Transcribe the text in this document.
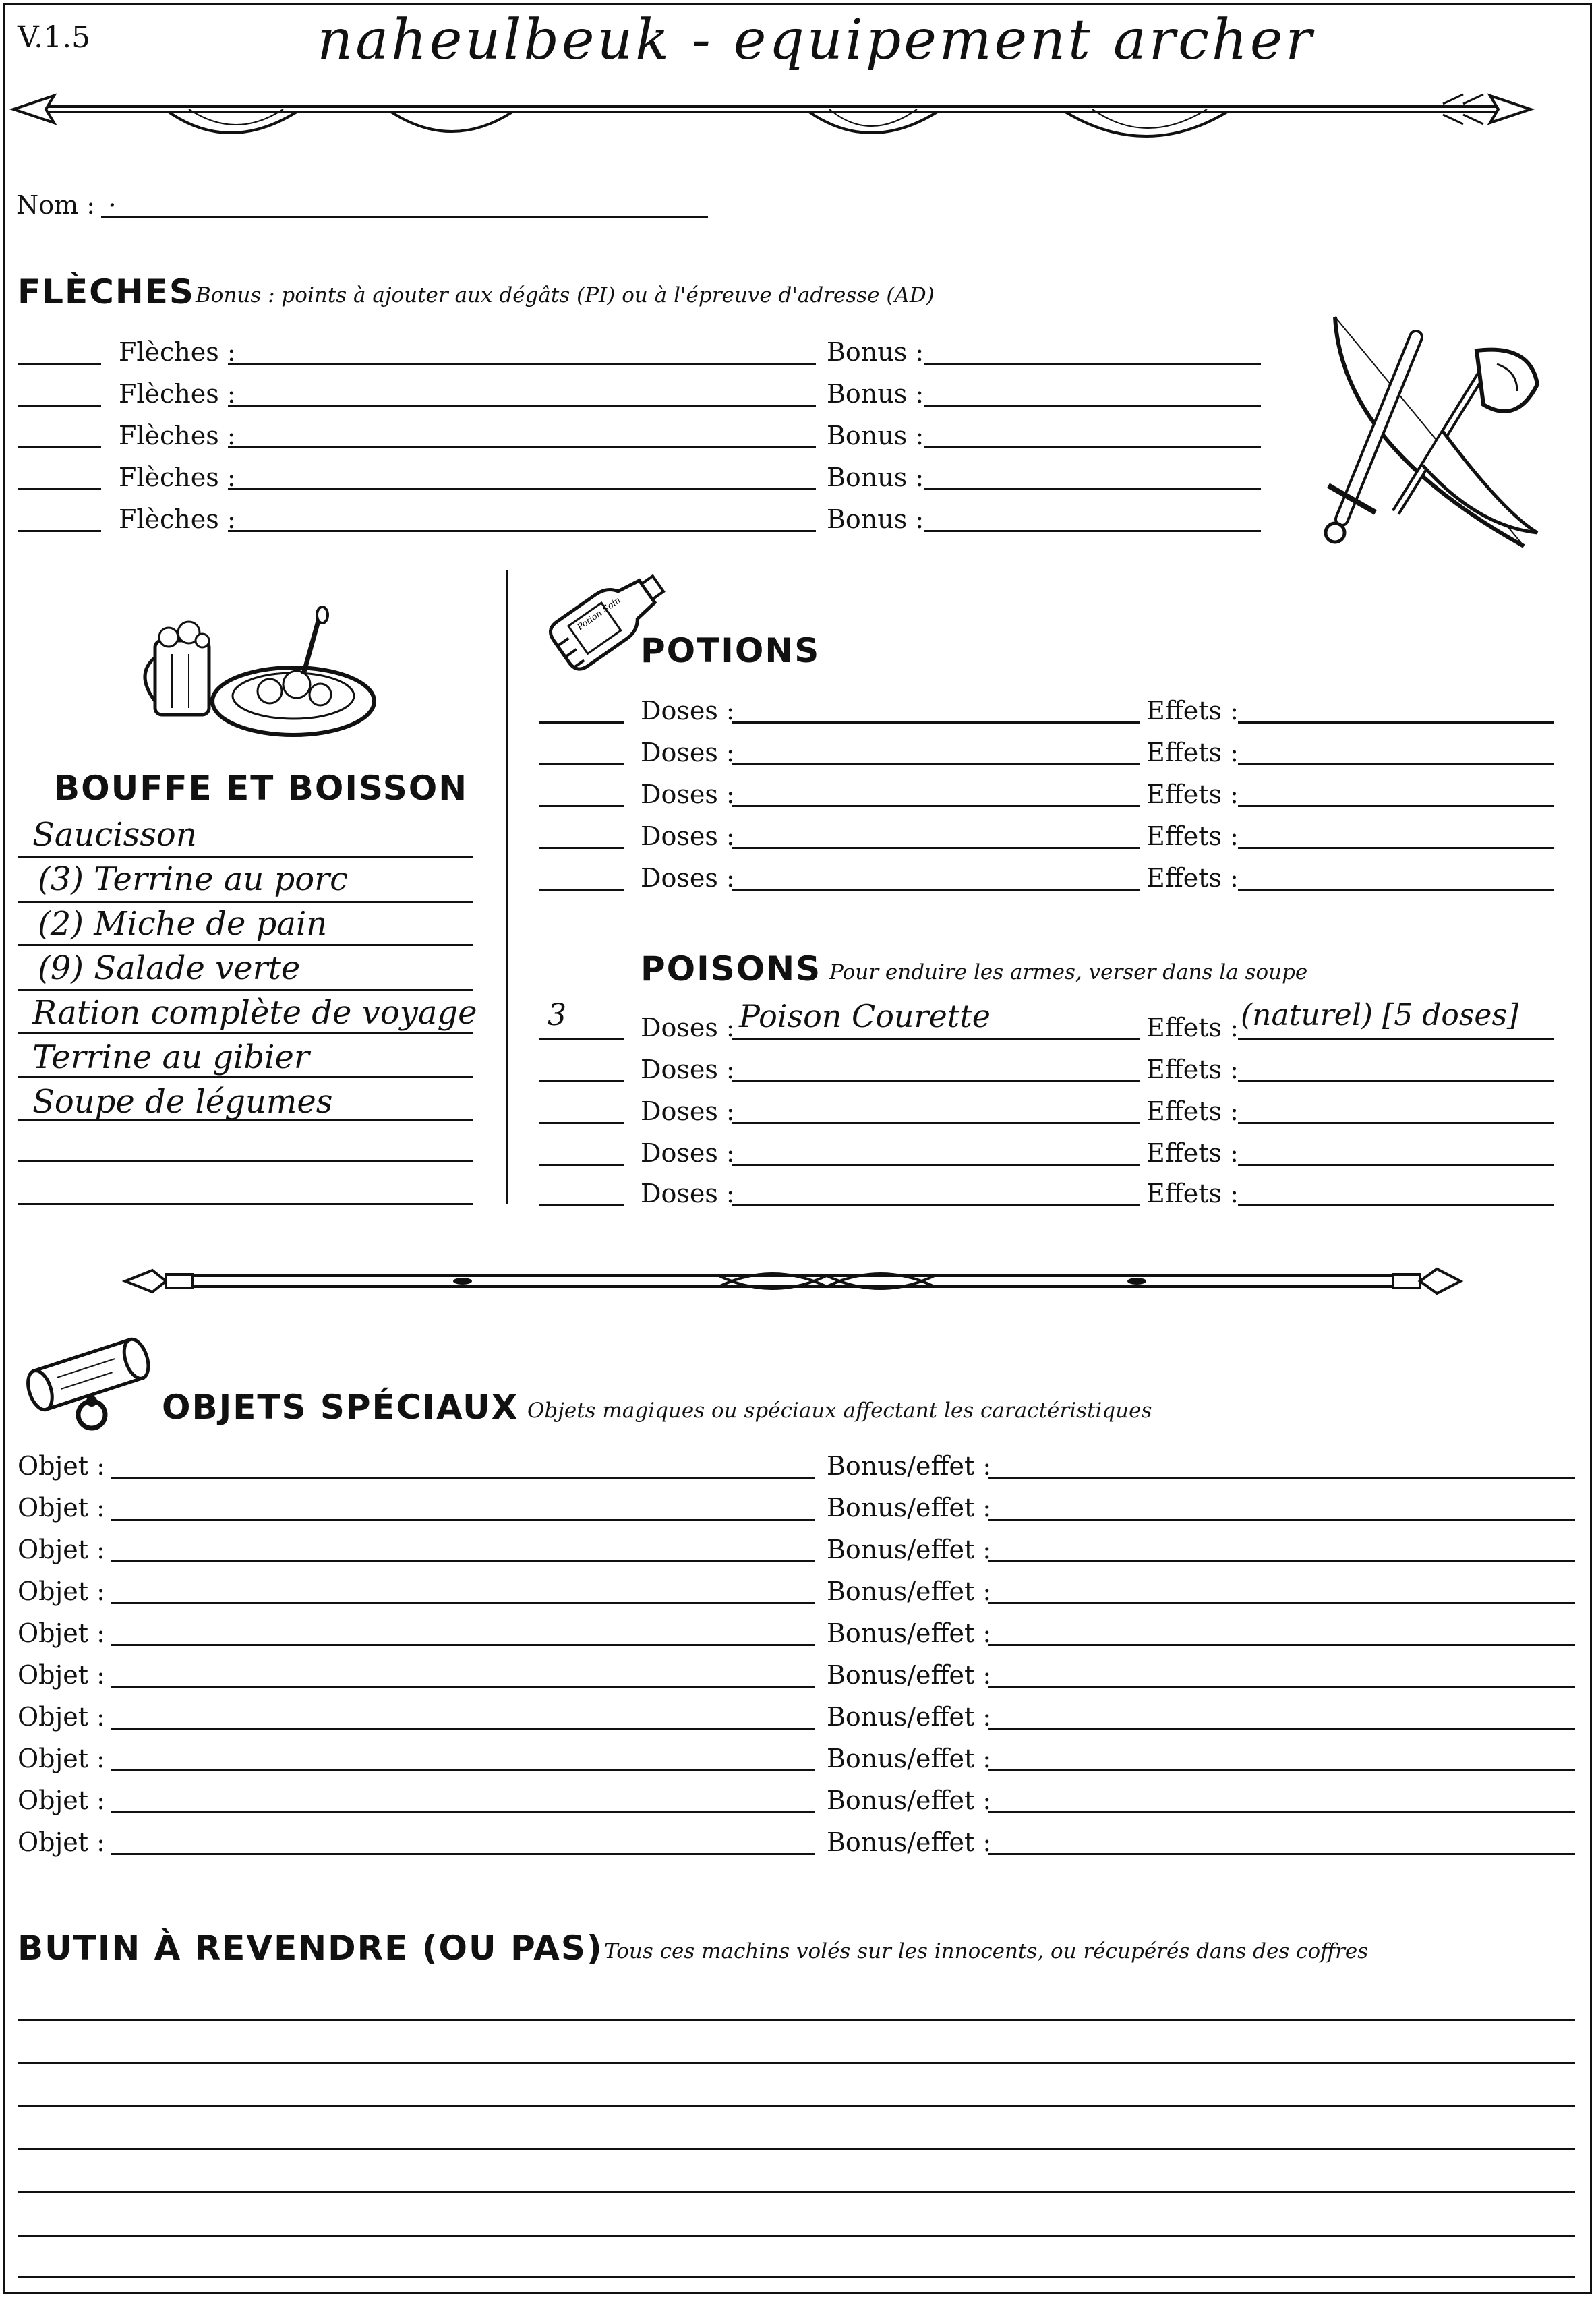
V.1.5	naheulbeuk - equipement archer
Nom : .
FLÈCHES Bonus : points à ajouter aux dégâts (PI) ou à l'épreuve d'adresse (AD)
Flèches :	Bonus :
Flèches :	Bonus :
Flèches :	Bonus :
Flèches :	Bonus :
Flèches :	Bonus :
BOUFFE ET BOISSON
Saucisson
(3) Terrine au porc
(2) Miche de pain
(9) Salade verte
Ration complète de voyage
Terrine au gibier
Soupe de légumes
Potion Soin
POTIONS
Doses :	Effets :
Doses :	Effets :
Doses :	Effets :
Doses :	Effets :
Doses :	Effets :
POISONS Pour enduire les armes, verser dans la soupe
3	Doses : Poison Courette	Effets : (naturel) [5 doses]
Doses :	Effets :
Doses :	Effets :
Doses :	Effets :
Doses :	Effets :
OBJETS SPÉCIAUX Objets magiques ou spéciaux affectant les caractéristiques
Objet :	Bonus/effet :
Objet :	Bonus/effet :
Objet :	Bonus/effet :
Objet :	Bonus/effet :
Objet :	Bonus/effet :
Objet :	Bonus/effet :
Objet :	Bonus/effet :
Objet :	Bonus/effet :
Objet :	Bonus/effet :
Objet :	Bonus/effet :
BUTIN À REVENDRE (OU PAS) Tous ces machins volés sur les innocents, ou récupérés dans des coffres
